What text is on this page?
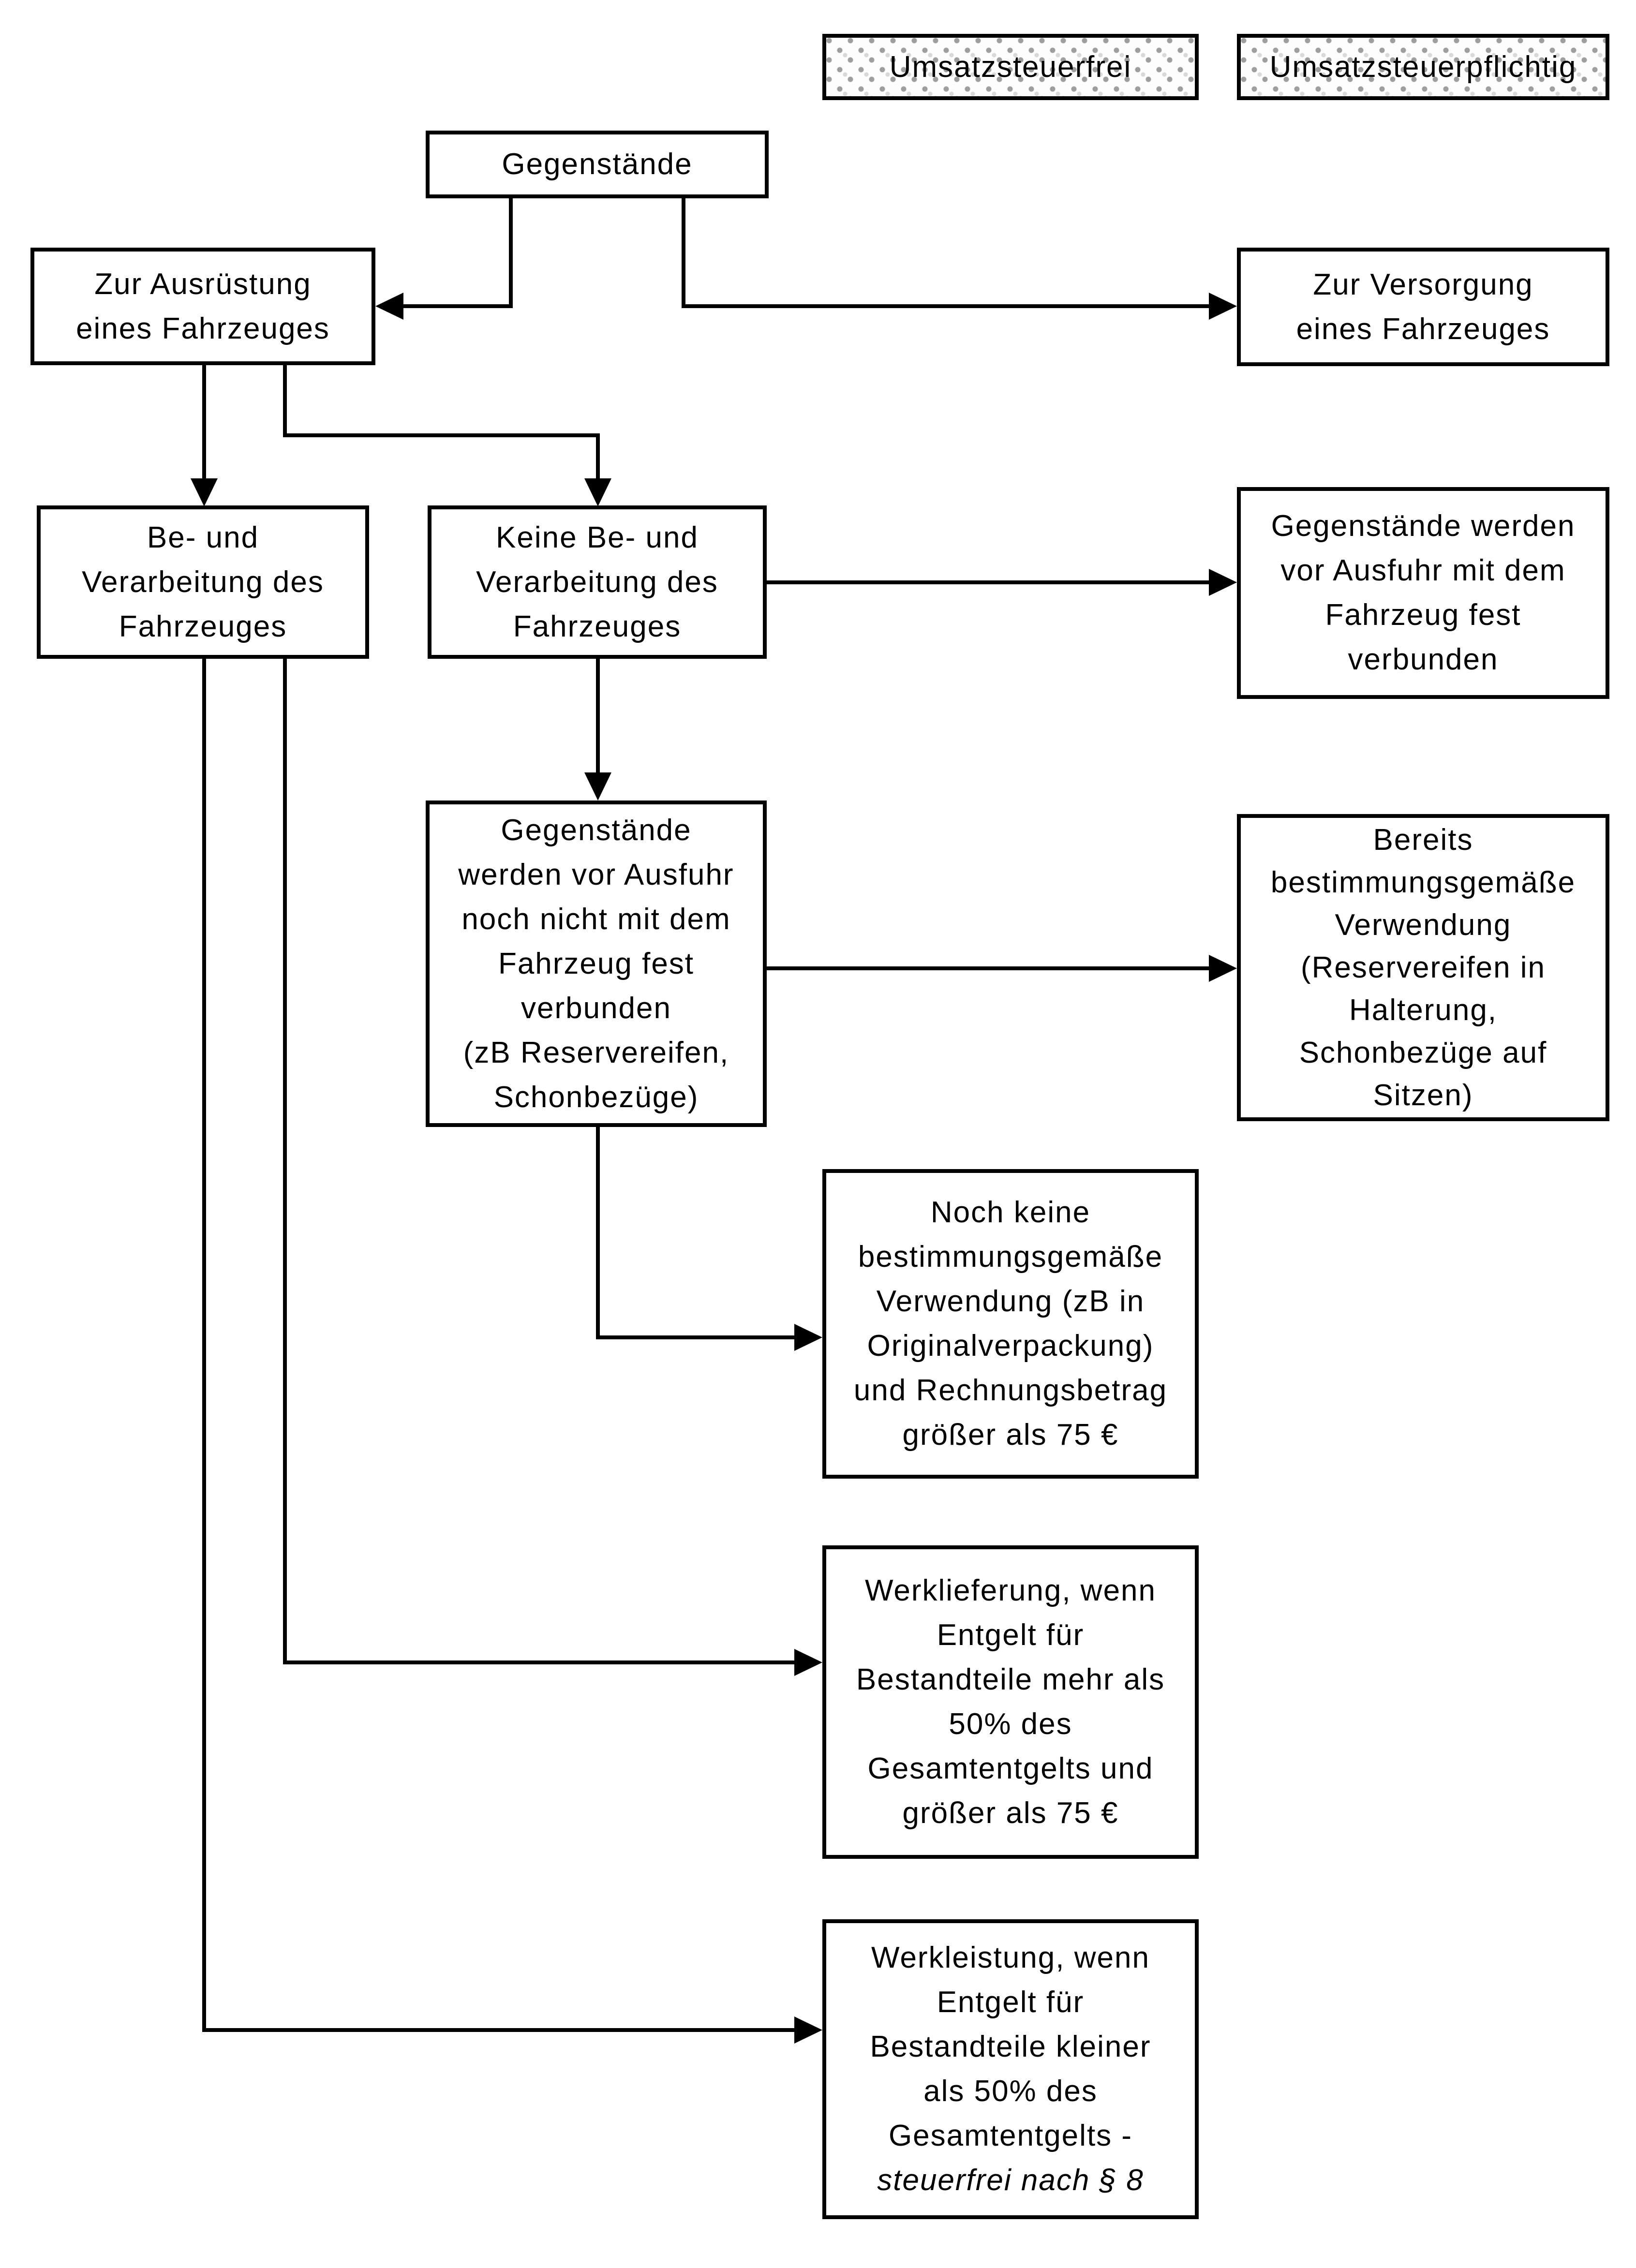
Umsatzsteuerfrei	Umsatzsteuerpflichtig
Gegenstände
Zur Ausrüstung
eines Fahrzeuges
Zur Versorgung
eines Fahrzeuges
Be- und
Verarbeitung des
Fahrzeuges
Keine Be- und
Verarbeitung des
Fahrzeuges
Gegenstände werden
vor Ausfuhr mit dem
Fahrzeug fest
verbunden
Gegenstände
werden vor Ausfuhr
noch nicht mit dem
Fahrzeug fest
verbunden
(zB Reservereifen,
Schonbezüge)
Bereits
bestimmungsgemäße
Verwendung
(Reservereifen in
Halterung,
Schonbezüge auf
Sitzen)
Noch keine
bestimmungsgemäße
Verwendung (zB in
Originalverpackung)
und Rechnungsbetrag
größer als 75 €
Werklieferung, wenn
Entgelt für
Bestandteile mehr als
50% des
Gesamtentgelts und
größer als 75 €
Werkleistung, wenn
Entgelt für
Bestandteile kleiner
als 50% des
Gesamtentgelts -
steuerfrei nach § 8
